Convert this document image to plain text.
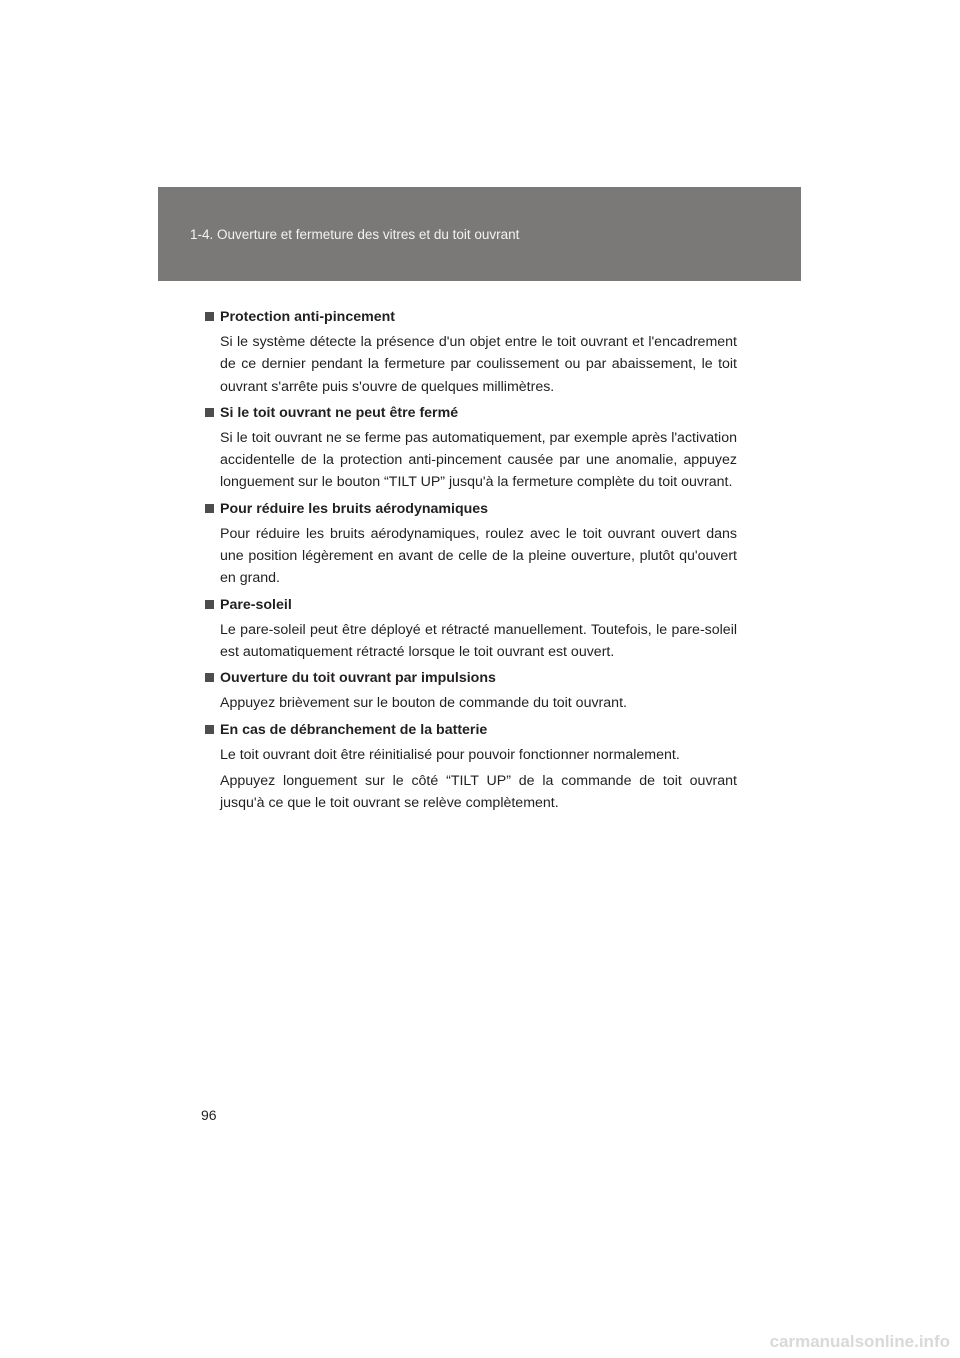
1-4. Ouverture et fermeture des vitres et du toit ouvrant
Protection anti-pincement

Si le système détecte la présence d'un objet entre le toit ouvrant et l'encadrement de ce dernier pendant la fermeture par coulissement ou par abaissement, le toit ouvrant s'arrête puis s'ouvre de quelques millimètres.

Si le toit ouvrant ne peut être fermé

Si le toit ouvrant ne se ferme pas automatiquement, par exemple après l'activation accidentelle de la protection anti-pincement causée par une anomalie, appuyez longuement sur le bouton “TILT UP” jusqu'à la fermeture complète du toit ouvrant.

Pour réduire les bruits aérodynamiques

Pour réduire les bruits aérodynamiques, roulez avec le toit ouvrant ouvert dans une position légèrement en avant de celle de la pleine ouverture, plutôt qu'ouvert en grand.

Pare-soleil

Le pare-soleil peut être déployé et rétracté manuellement. Toutefois, le pare-soleil est automatiquement rétracté lorsque le toit ouvrant est ouvert.

Ouverture du toit ouvrant par impulsions

Appuyez brièvement sur le bouton de commande du toit ouvrant.

En cas de débranchement de la batterie

Le toit ouvrant doit être réinitialisé pour pouvoir fonctionner normalement.

Appuyez longuement sur le côté “TILT UP” de la commande de toit ouvrant jusqu'à ce que le toit ouvrant se relève complètement.

96
carmanualsonline.info
